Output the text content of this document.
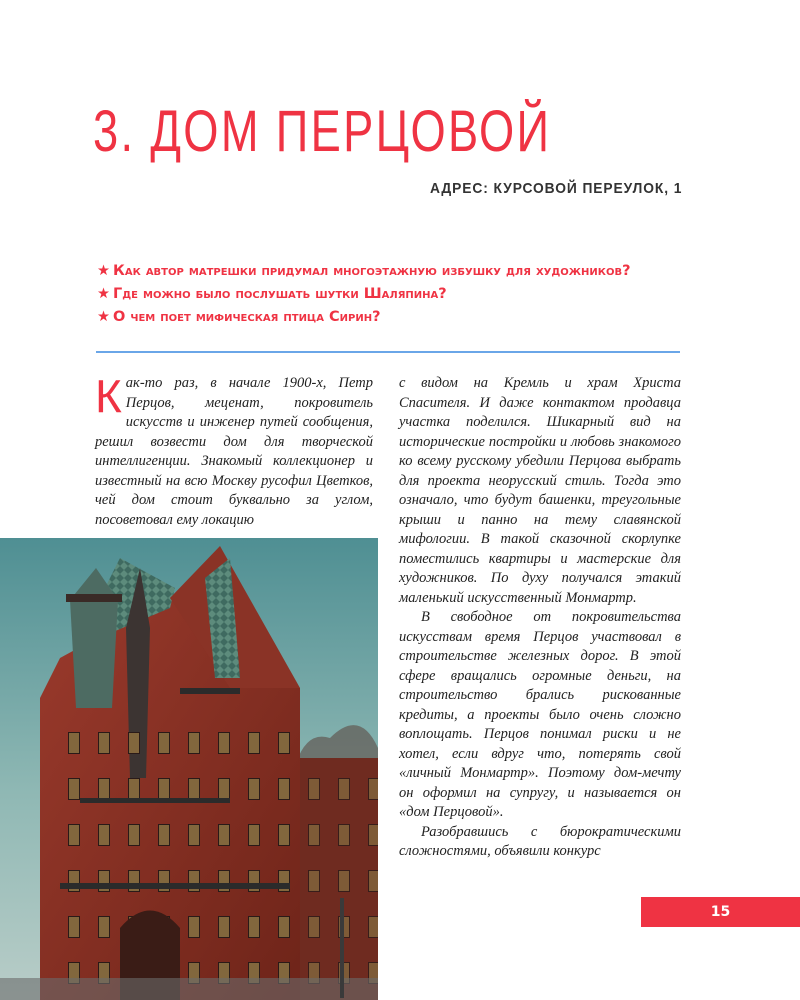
3. ДОМ ПЕРЦОВОЙ
АДРЕС: КУРСОВОЙ ПЕРЕУЛОК, 1
★ Как автор матрешки придумал многоэтажную избушку для художников?
★ Где можно было послушать шутки Шаляпина?
★ О чем поет мифическая птица Сирин?

Как-то раз, в начале 1900-х, Петр Перцов, меценат, покровитель искусств и инженер путей сообщения, решил возвести дом для творческой интеллигенции. Знакомый коллекционер и известный на всю Москву русофил Цветков, чей дом стоит буквально за углом, посоветовал ему локацию

с видом на Кремль и храм Христа Спасителя. И даже контактом продавца участка поделился. Шикарный вид на исторические постройки и любовь знакомого ко всему русскому убедили Перцова выбрать для проекта неорусский стиль. Тогда это означало, что будут башенки, треугольные крыши и панно на тему славянской мифологии. В такой сказочной скорлупке поместились квартиры и мастерские для художников. По духу получался этакий маленький искусственный Монмартр.

В свободное от покровительства искусствам время Перцов участвовал в строительстве железных дорог. В этой сфере вращались огромные деньги, на строительство брались рискованные кредиты, а проекты было очень сложно воплощать. Перцов понимал риски и не хотел, если вдруг что, потерять свой «личный Монмартр». Поэтому дом-мечту он оформил на супругу, и называется он «дом Перцовой».

Разобравшись с бюрократическими сложностями, объявили конкурс

15
